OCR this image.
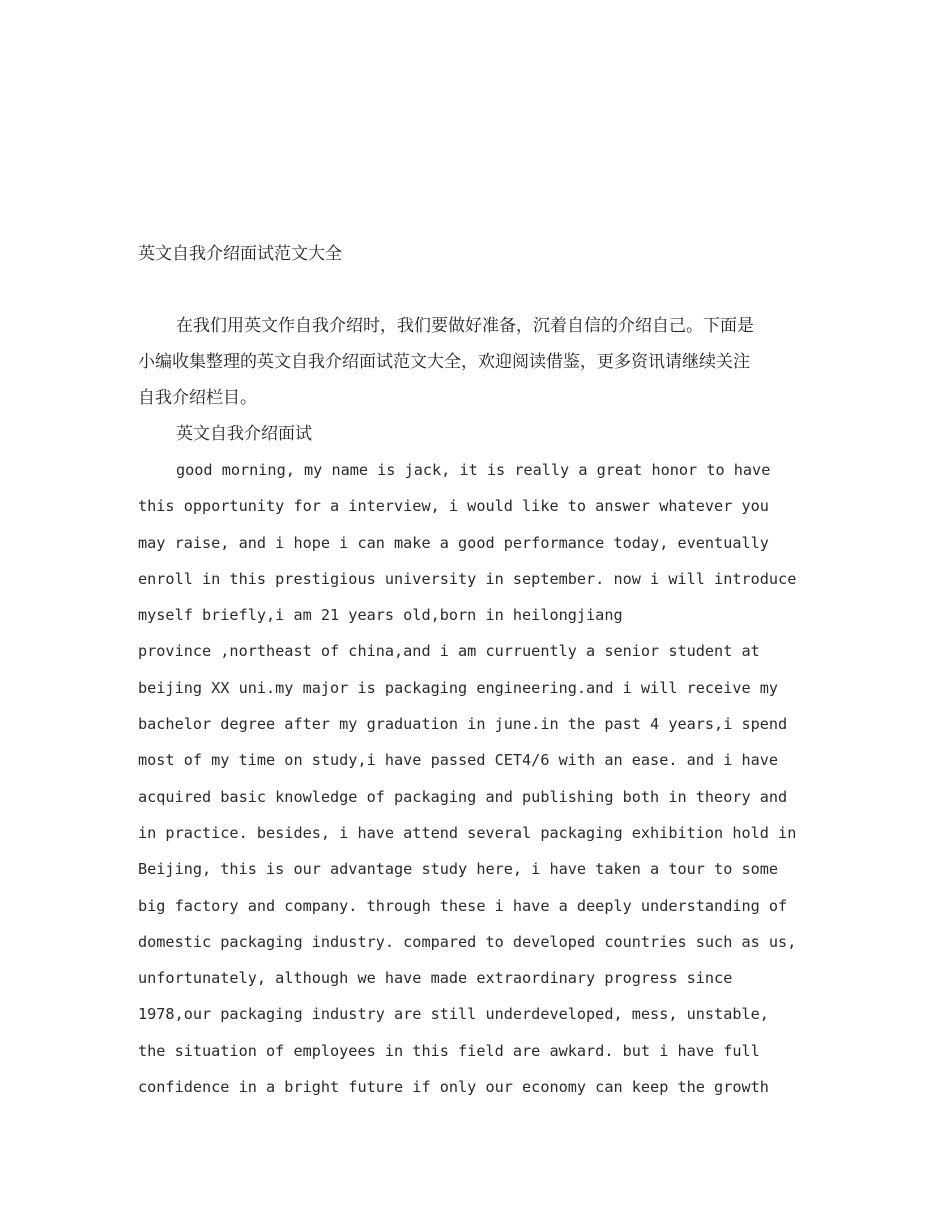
英文自我介绍面试范文大全
在我们用英文作自我介绍时，我们要做好准备，沉着自信的介绍自己。下面是
小编收集整理的英文自我介绍面试范文大全，欢迎阅读借鉴，更多资讯请继续关注
自我介绍栏目。
英文自我介绍面试
good morning, my name is jack, it is really a great honor to have
this opportunity for a interview, i would like to answer whatever you
may raise, and i hope i can make a good performance today, eventually
enroll in this prestigious university in september. now i will introduce
myself briefly,i am 21 years old,born in heilongjiang
province ,northeast of china,and i am curruently a senior student at
beijing XX uni.my major is packaging engineering.and i will receive my
bachelor degree after my graduation in june.in the past 4 years,i spend
most of my time on study,i have passed CET4/6 with an ease. and i have
acquired basic knowledge of packaging and publishing both in theory and
in practice. besides, i have attend several packaging exhibition hold in
Beijing, this is our advantage study here, i have taken a tour to some
big factory and company. through these i have a deeply understanding of
domestic packaging industry. compared to developed countries such as us,
unfortunately, although we have made extraordinary progress since
1978,our packaging industry are still underdeveloped, mess, unstable,
the situation of employees in this field are awkard. but i have full
confidence in a bright future if only our economy can keep the growth
